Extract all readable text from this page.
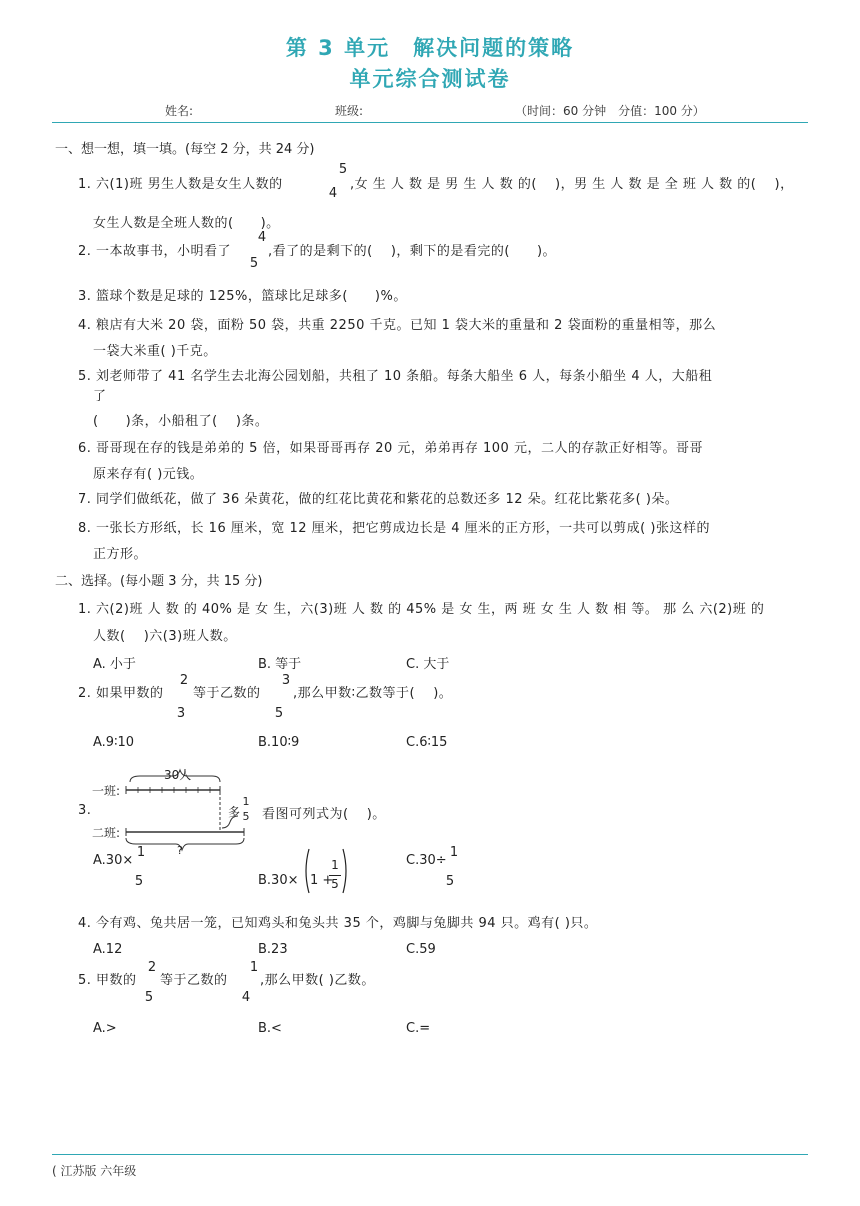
第 3 单元　解决问题的策略
单元综合测试卷
姓名:	班级:	（时间：60 分钟　分值：100 分）
一、想一想，填一填。(每空 2 分，共 24 分)
1. 六(1)班 男生人数是女生人数的
5
4
,女 生 人 数 是 男 生 人 数 的(　 )，男 生 人 数 是 全 班 人 数 的(　 )，
女生人数是全班人数的(　　)。
2. 一本故事书，小明看了
4
5
,看了的是剩下的(　 )，剩下的是看完的(　　)。
3. 篮球个数是足球的 125%，篮球比足球多(　　)%。
4. 粮店有大米 20 袋，面粉 50 袋，共重 2250 千克。已知 1 袋大米的重量和 2 袋面粉的重量相等，那么
一袋大米重( )千克。
5. 刘老师带了 41 名学生去北海公园划船，共租了 10 条船。每条大船坐 6 人，每条小船坐 4 人，大船租
了
(　　)条，小船租了(　 )条。
6. 哥哥现在存的钱是弟弟的 5 倍，如果哥哥再存 20 元，弟弟再存 100 元，二人的存款正好相等。哥哥
原来存有( )元钱。
7. 同学们做纸花，做了 36 朵黄花，做的红花比黄花和紫花的总数还多 12 朵。红花比紫花多( )朵。
8. 一张长方形纸，长 16 厘米，宽 12 厘米，把它剪成边长是 4 厘米的正方形，一共可以剪成( )张这样的
正方形。
二、选择。(每小题 3 分，共 15 分)
1. 六(2)班 人 数 的 40% 是 女 生，六(3)班 人 数 的 45% 是 女 生，两 班 女 生 人 数 相 等。 那 么 六(2)班 的
人数(　 )六(3)班人数。
A. 小于	B. 等于	C. 大于
2. 如果甲数的
2
3
等于乙数的
3
5
,那么甲数∶乙数等于(　 )。
A.9∶10	B.10∶9	C.6∶15
3.
30人
一班:
二班:
多
1
5
?
看图可列式为(　 )。
A.30×
1
5	B.30× 1 +
1
5
C.30÷
1
5
4. 今有鸡、兔共居一笼，已知鸡头和兔头共 35 个，鸡脚与兔脚共 94 只。鸡有( )只。
A.12	B.23	C.59
5. 甲数的
2
5
等于乙数的
1
4
,那么甲数( )乙数。
A.>	B.<	C.=
( 江苏版 六年级
